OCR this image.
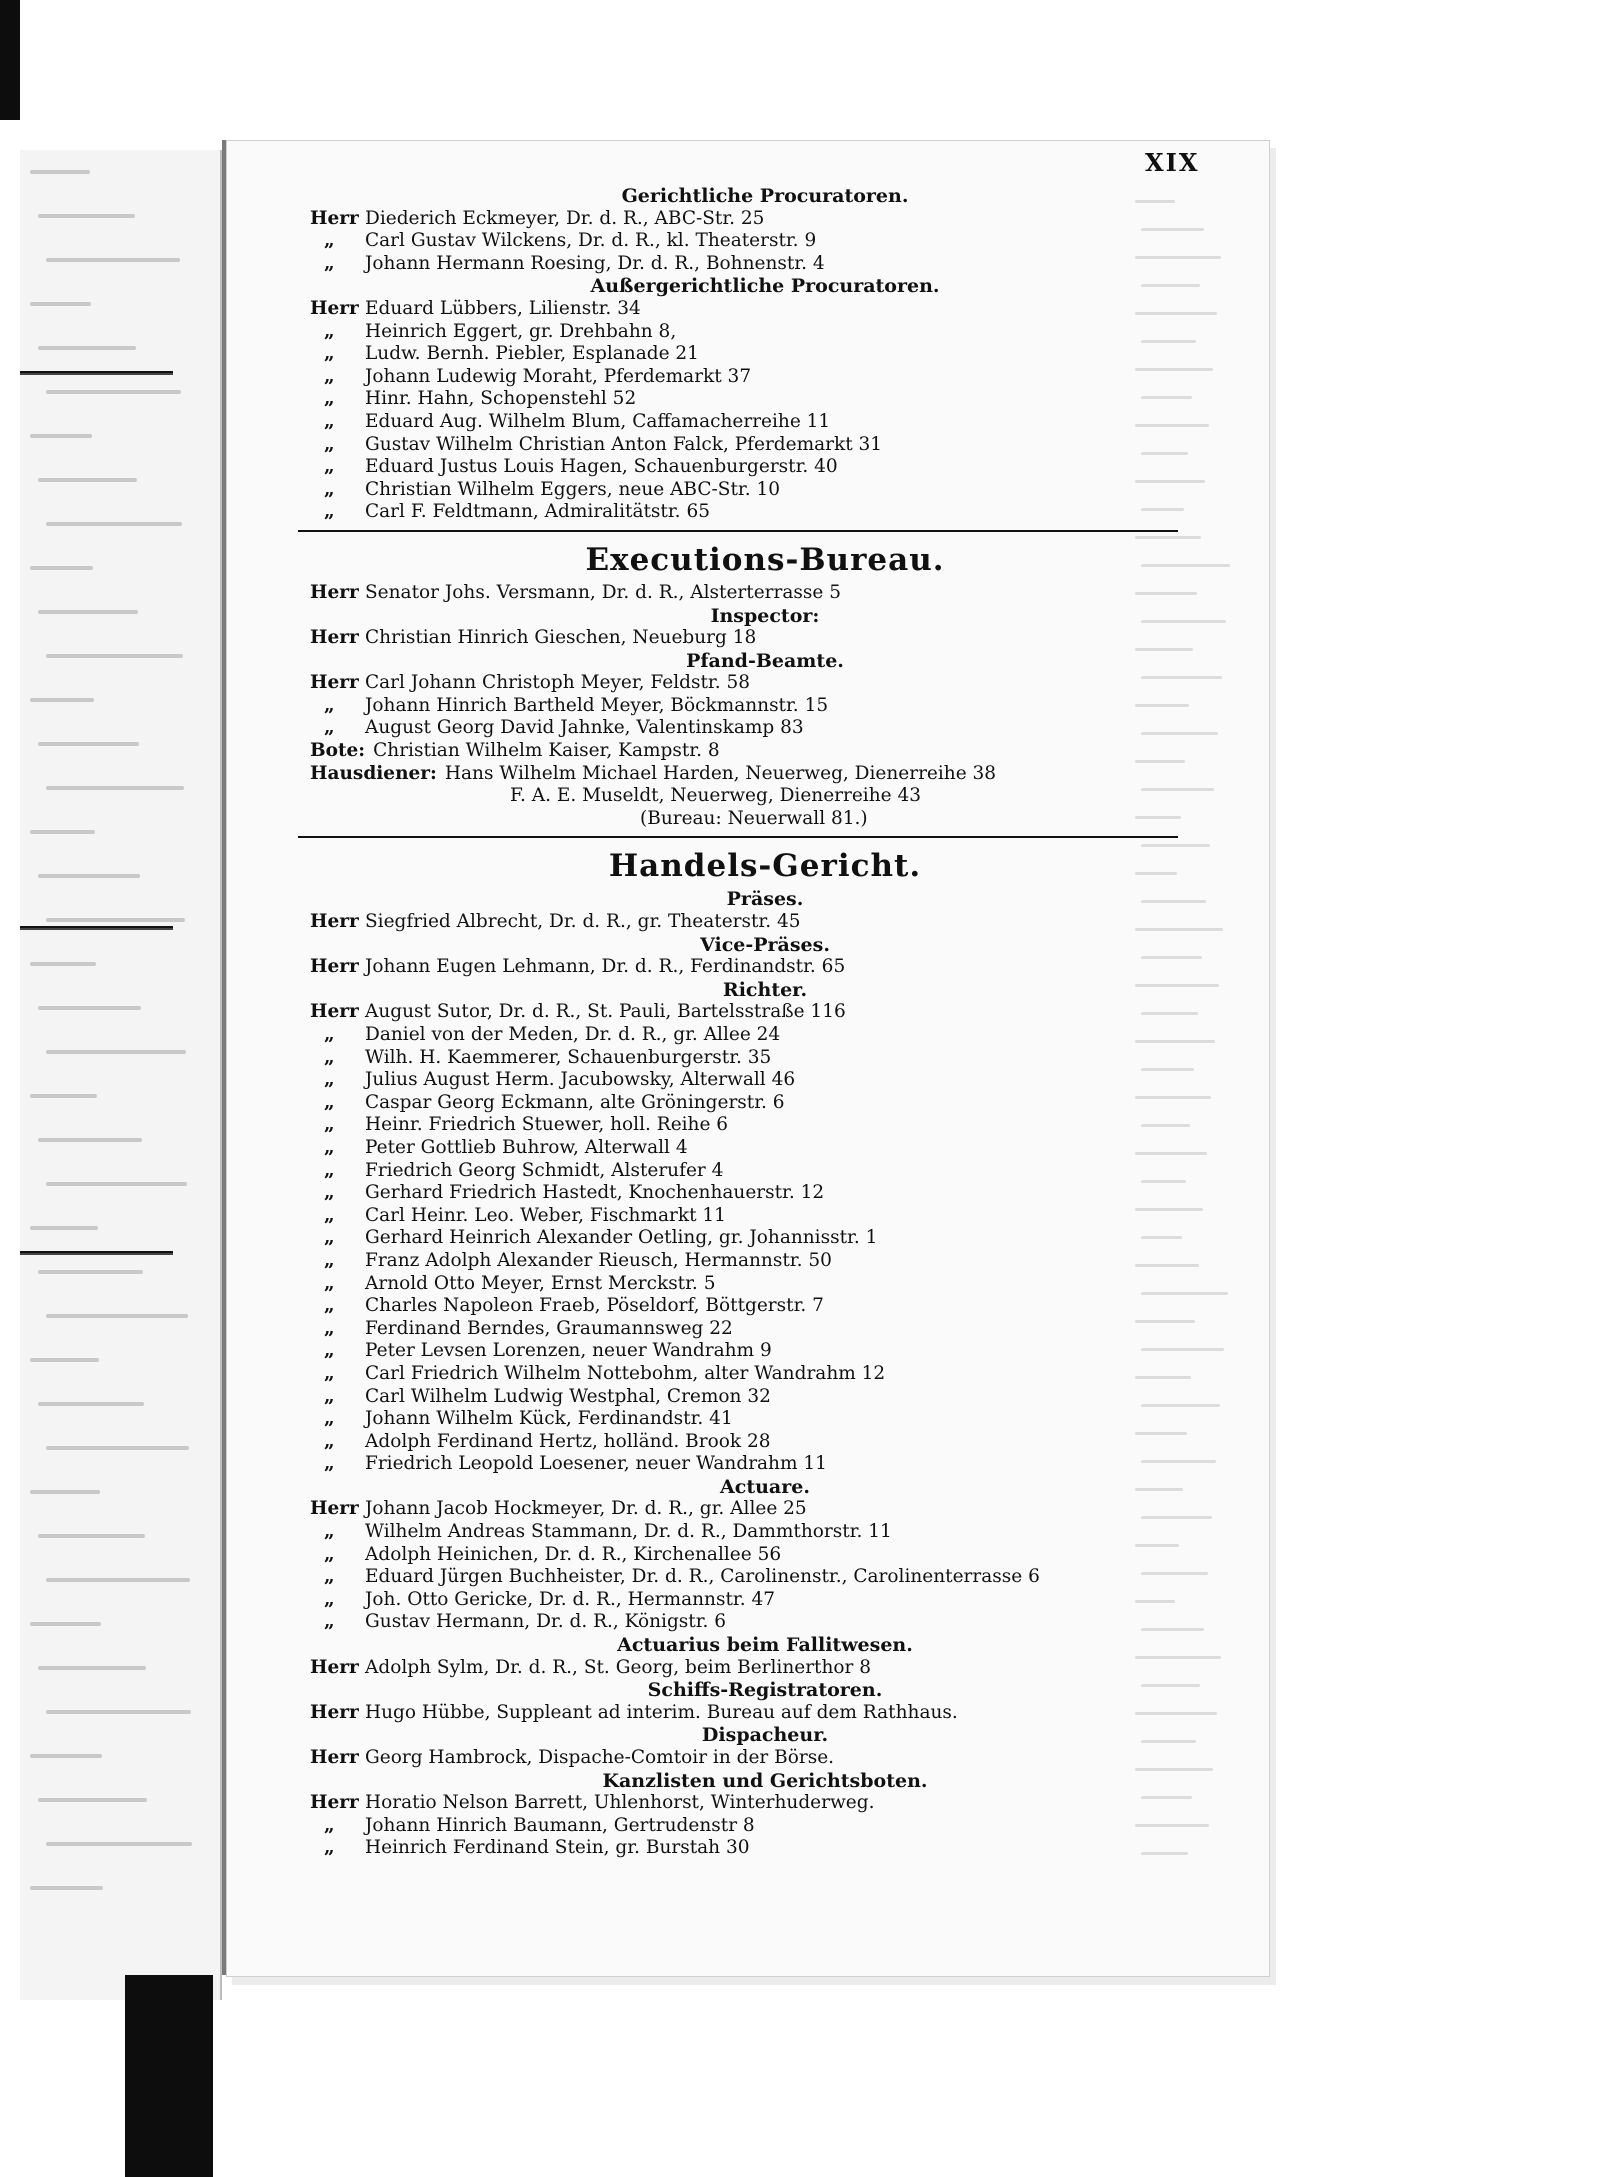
XIX
Gerichtliche Procuratoren.
Herr Diederich Eckmeyer, Dr. d. R., ABC-Str. 25
„ Carl Gustav Wilckens, Dr. d. R., kl. Theaterstr. 9
„ Johann Hermann Roesing, Dr. d. R., Bohnenstr. 4
Außergerichtliche Procuratoren.
Herr Eduard Lübbers, Lilienstr. 34
„ Heinrich Eggert, gr. Drehbahn 8,
„ Ludw. Bernh. Piebler, Esplanade 21
„ Johann Ludewig Moraht, Pferdemarkt 37
„ Hinr. Hahn, Schopenstehl 52
„ Eduard Aug. Wilhelm Blum, Caffamacherreihe 11
„ Gustav Wilhelm Christian Anton Falck, Pferdemarkt 31
„ Eduard Justus Louis Hagen, Schauenburgerstr. 40
„ Christian Wilhelm Eggers, neue ABC-Str. 10
„ Carl F. Feldtmann, Admiralitätstr. 65
Executions-Bureau.
Herr Senator Johs. Versmann, Dr. d. R., Alsterterrasse 5
Inspector:
Herr Christian Hinrich Gieschen, Neueburg 18
Pfand-Beamte.
Herr Carl Johann Christoph Meyer, Feldstr. 58
„ Johann Hinrich Bartheld Meyer, Böckmannstr. 15
„ August Georg David Jahnke, Valentinskamp 83
Bote: Christian Wilhelm Kaiser, Kampstr. 8
Hausdiener: Hans Wilhelm Michael Harden, Neuerweg, Dienerreihe 38
F. A. E. Museldt, Neuerweg, Dienerreihe 43
(Bureau: Neuerwall 81.)
Handels-Gericht.
Präses.
Herr Siegfried Albrecht, Dr. d. R., gr. Theaterstr. 45
Vice-Präses.
Herr Johann Eugen Lehmann, Dr. d. R., Ferdinandstr. 65
Richter.
Herr August Sutor, Dr. d. R., St. Pauli, Bartelsstraße 116
„ Daniel von der Meden, Dr. d. R., gr. Allee 24
„ Wilh. H. Kaemmerer, Schauenburgerstr. 35
„ Julius August Herm. Jacubowsky, Alterwall 46
„ Caspar Georg Eckmann, alte Gröningerstr. 6
„ Heinr. Friedrich Stuewer, holl. Reihe 6
„ Peter Gottlieb Buhrow, Alterwall 4
„ Friedrich Georg Schmidt, Alsterufer 4
„ Gerhard Friedrich Hastedt, Knochenhauerstr. 12
„ Carl Heinr. Leo. Weber, Fischmarkt 11
„ Gerhard Heinrich Alexander Oetling, gr. Johannisstr. 1
„ Franz Adolph Alexander Rieusch, Hermannstr. 50
„ Arnold Otto Meyer, Ernst Merckstr. 5
„ Charles Napoleon Fraeb, Pöseldorf, Böttgerstr. 7
„ Ferdinand Berndes, Graumannsweg 22
„ Peter Levsen Lorenzen, neuer Wandrahm 9
„ Carl Friedrich Wilhelm Nottebohm, alter Wandrahm 12
„ Carl Wilhelm Ludwig Westphal, Cremon 32
„ Johann Wilhelm Kück, Ferdinandstr. 41
„ Adolph Ferdinand Hertz, holländ. Brook 28
„ Friedrich Leopold Loesener, neuer Wandrahm 11
Actuare.
Herr Johann Jacob Hockmeyer, Dr. d. R., gr. Allee 25
„ Wilhelm Andreas Stammann, Dr. d. R., Dammthorstr. 11
„ Adolph Heinichen, Dr. d. R., Kirchenallee 56
„ Eduard Jürgen Buchheister, Dr. d. R., Carolinenstr., Carolinenterrasse 6
„ Joh. Otto Gericke, Dr. d. R., Hermannstr. 47
„ Gustav Hermann, Dr. d. R., Königstr. 6
Actuarius beim Fallitwesen.
Herr Adolph Sylm, Dr. d. R., St. Georg, beim Berlinerthor 8
Schiffs-Registratoren.
Herr Hugo Hübbe, Suppleant ad interim. Bureau auf dem Rathhaus.
Dispacheur.
Herr Georg Hambrock, Dispache-Comtoir in der Börse.
Kanzlisten und Gerichtsboten.
Herr Horatio Nelson Barrett, Uhlenhorst, Winterhuderweg.
„ Johann Hinrich Baumann, Gertrudenstr 8
„ Heinrich Ferdinand Stein, gr. Burstah 30
